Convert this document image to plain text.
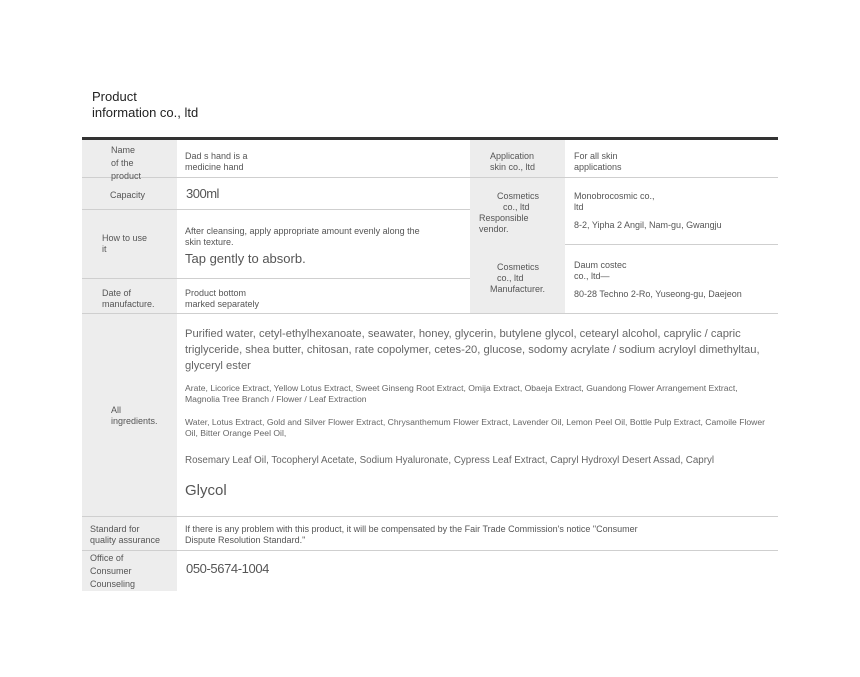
Product
information co., ltd
Name
of the
product
Dad s hand is a
medicine hand
Capacity	300ml
How to use
it
After cleansing, apply appropriate amount evenly along the
skin texture.
Tap gently to absorb.
Date of
manufacture.
Product bottom
marked separately
Application
skin co., ltd
For all skin
applications
Cosmetics
co., ltd
Responsible
vendor.
Monobrocosmic co.,
ltd
8-2, Yipha 2 Angil, Nam-gu, Gwangju
Cosmetics
co., ltd
Manufacturer.
Daum costec
co., ltd—
80-28 Techno 2-Ro, Yuseong-gu, Daejeon
All
ingredients.

Purified water, cetyl-ethylhexanoate, seawater, honey, glycerin, butylene glycol, cetearyl alcohol, caprylic / capric triglyceride, shea butter, chitosan, rate copolymer, cetes-20, glucose, sodomy acrylate / sodium acryloyl dimethyltau, glyceryl ester

Arate, Licorice Extract, Yellow Lotus Extract, Sweet Ginseng Root Extract, Omija Extract, Obaeja Extract, Guandong Flower Arrangement Extract, Magnolia Tree Branch / Flower / Leaf Extraction

Water, Lotus Extract, Gold and Silver Flower Extract, Chrysanthemum Flower Extract, Lavender Oil, Lemon Peel Oil, Bottle Pulp Extract, Camoile Flower Oil, Bitter Orange Peel Oil,

Rosemary Leaf Oil, Tocopheryl Acetate, Sodium Hyaluronate, Cypress Leaf Extract, Capryl Hydroxyl Desert Assad, Capryl

Glycol

Standard for
quality assurance
If there is any problem with this product, it will be compensated by the Fair Trade Commission's notice "Consumer
Dispute Resolution Standard."
Office of
Consumer
Counseling
050-5674-1004
